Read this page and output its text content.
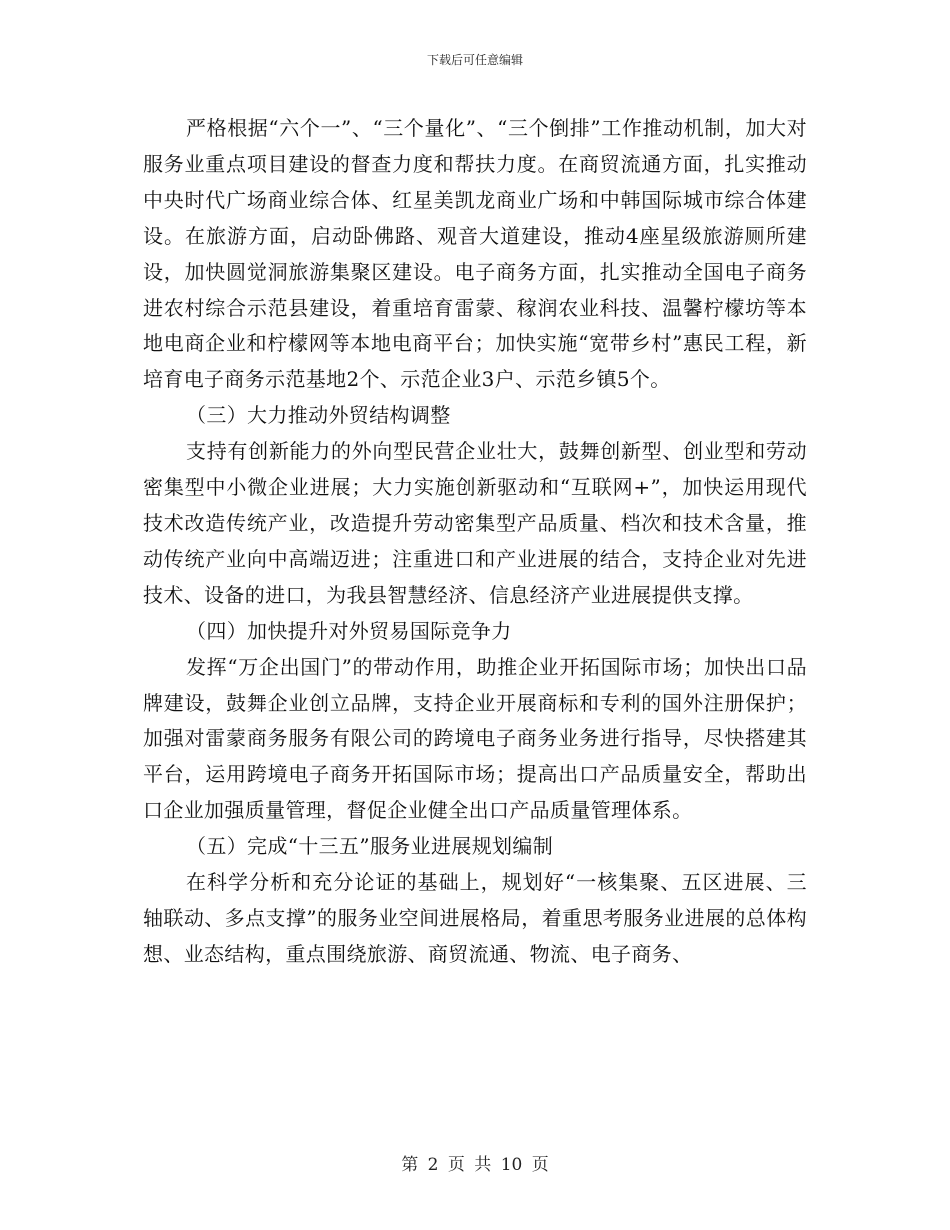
下载后可任意编辑

严格根据“六个一”、“三个量化”、“三个倒排”工作推动机制，加大对服务业重点项目建设的督查力度和帮扶力度。在商贸流通方面，扎实推动中央时代广场商业综合体、红星美凯龙商业广场和中韩国际城市综合体建设。在旅游方面，启动卧佛路、观音大道建设，推动4座星级旅游厕所建设，加快圆觉洞旅游集聚区建设。电子商务方面，扎实推动全国电子商务进农村综合示范县建设，着重培育雷蒙、稼润农业科技、温馨柠檬坊等本地电商企业和柠檬网等本地电商平台；加快实施“宽带乡村”惠民工程，新培育电子商务示范基地2个、示范企业3户、示范乡镇5个。

（三）大力推动外贸结构调整

支持有创新能力的外向型民营企业壮大，鼓舞创新型、创业型和劳动密集型中小微企业进展；大力实施创新驱动和“互联网+”，加快运用现代技术改造传统产业，改造提升劳动密集型产品质量、档次和技术含量，推动传统产业向中高端迈进；注重进口和产业进展的结合，支持企业对先进技术、设备的进口，为我县智慧经济、信息经济产业进展提供支撑。

（四）加快提升对外贸易国际竞争力

发挥“万企出国门”的带动作用，助推企业开拓国际市场；加快出口品牌建设，鼓舞企业创立品牌，支持企业开展商标和专利的国外注册保护；加强对雷蒙商务服务有限公司的跨境电子商务业务进行指导，尽快搭建其平台，运用跨境电子商务开拓国际市场；提高出口产品质量安全，帮助出口企业加强质量管理，督促企业健全出口产品质量管理体系。

（五）完成“十三五”服务业进展规划编制

在科学分析和充分论证的基础上，规划好“一核集聚、五区进展、三轴联动、多点支撑”的服务业空间进展格局，着重思考服务业进展的总体构想、业态结构，重点围绕旅游、商贸流通、物流、电子商务、

第 2 页 共 10 页
